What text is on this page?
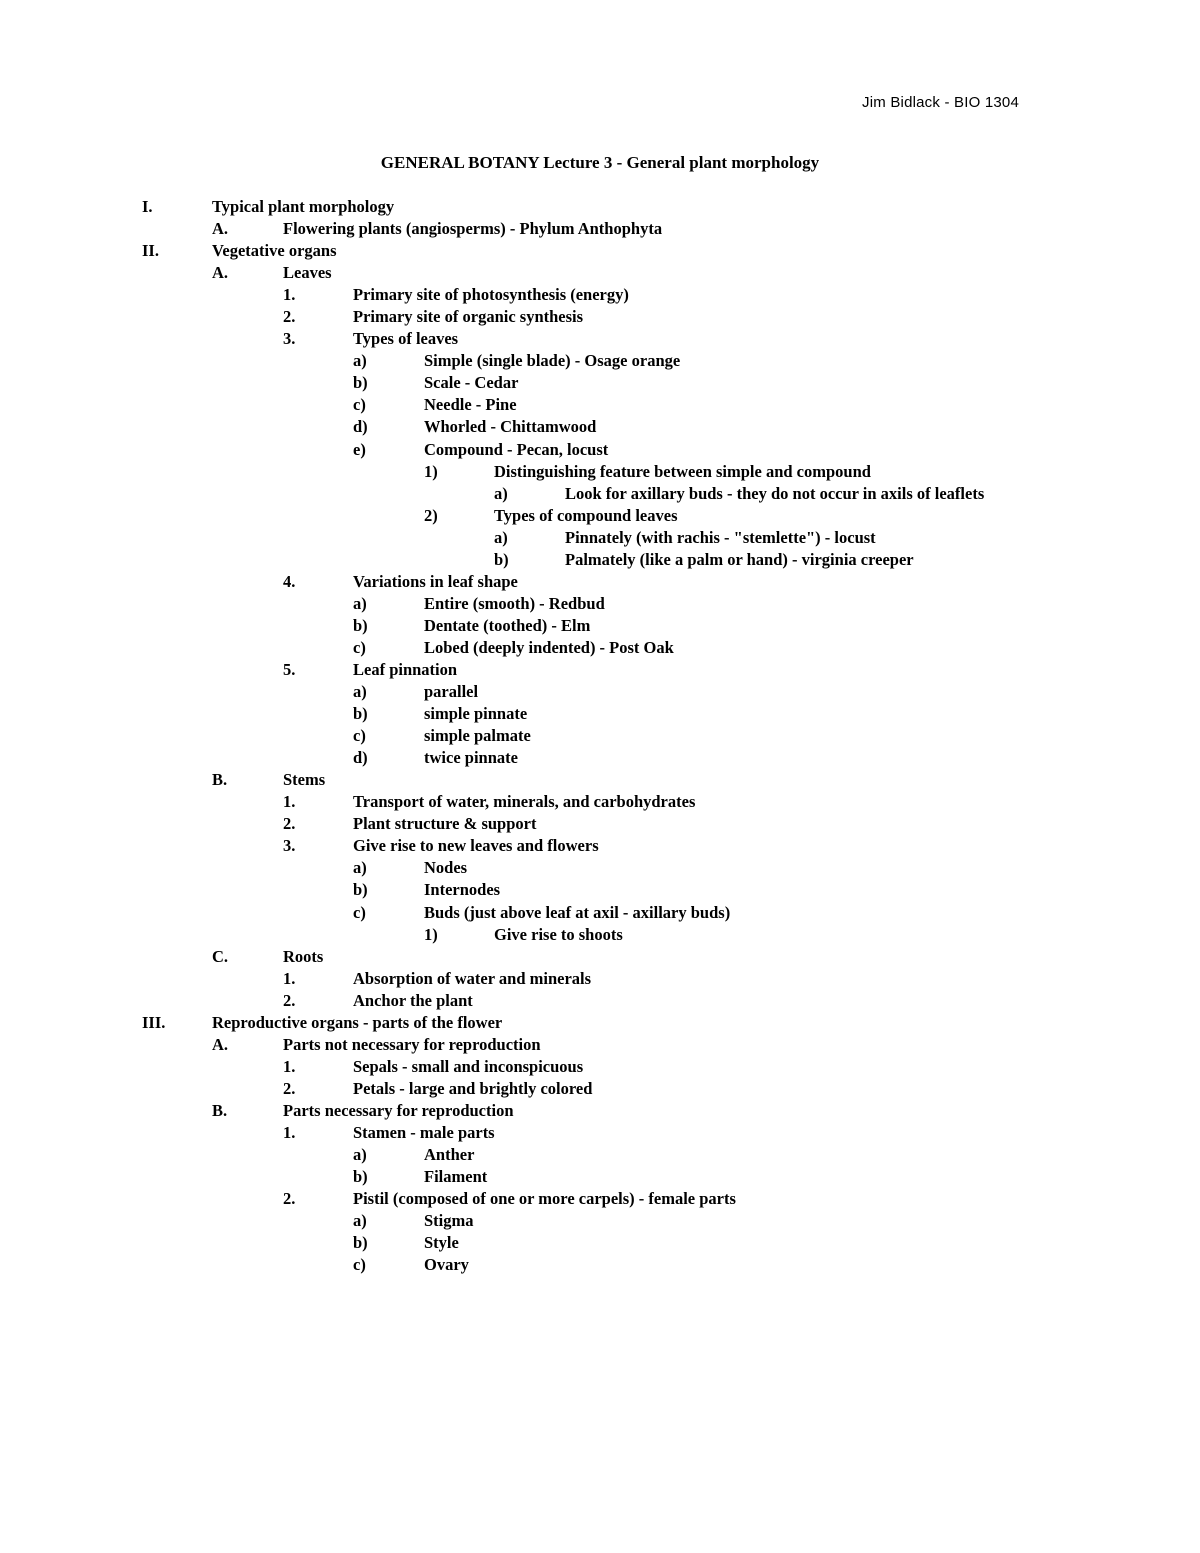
Jim Bidlack - BIO 1304
GENERAL BOTANY Lecture 3 - General plant morphology
I.	Typical plant morphology
A.	Flowering plants (angiosperms) - Phylum Anthophyta
II.	Vegetative organs
A.	Leaves
1.	Primary site of photosynthesis (energy)
2.	Primary site of organic synthesis
3.	Types of leaves
a)	Simple (single blade) - Osage orange
b)	Scale - Cedar
c)	Needle - Pine
d)	Whorled - Chittamwood
e)	Compound - Pecan, locust
1)	Distinguishing feature between simple and compound
a)	Look for axillary buds - they do not occur in axils of leaflets
2)	Types of compound leaves
a)	Pinnately (with rachis - "stemlette") - locust
b)	Palmately (like a palm or hand) - virginia creeper
4.	Variations in leaf shape
a)	Entire (smooth) - Redbud
b)	Dentate (toothed) - Elm
c)	Lobed (deeply indented) - Post Oak
5.	Leaf pinnation
a)	parallel
b)	simple pinnate
c)	simple palmate
d)	twice pinnate
B.	Stems
1.	Transport of water, minerals, and carbohydrates
2.	Plant structure & support
3.	Give rise to new leaves and flowers
a)	Nodes
b)	Internodes
c)	Buds (just above leaf at axil - axillary buds)
1)	Give rise to shoots
C.	Roots
1.	Absorption of water and minerals
2.	Anchor the plant
III.	Reproductive organs - parts of the flower
A.	Parts not necessary for reproduction
1.	Sepals - small and inconspicuous
2.	Petals - large and brightly colored
B.	Parts necessary for reproduction
1.	Stamen - male parts
a)	Anther
b)	Filament
2.	Pistil (composed of one or more carpels) - female parts
a)	Stigma
b)	Style
c)	Ovary
